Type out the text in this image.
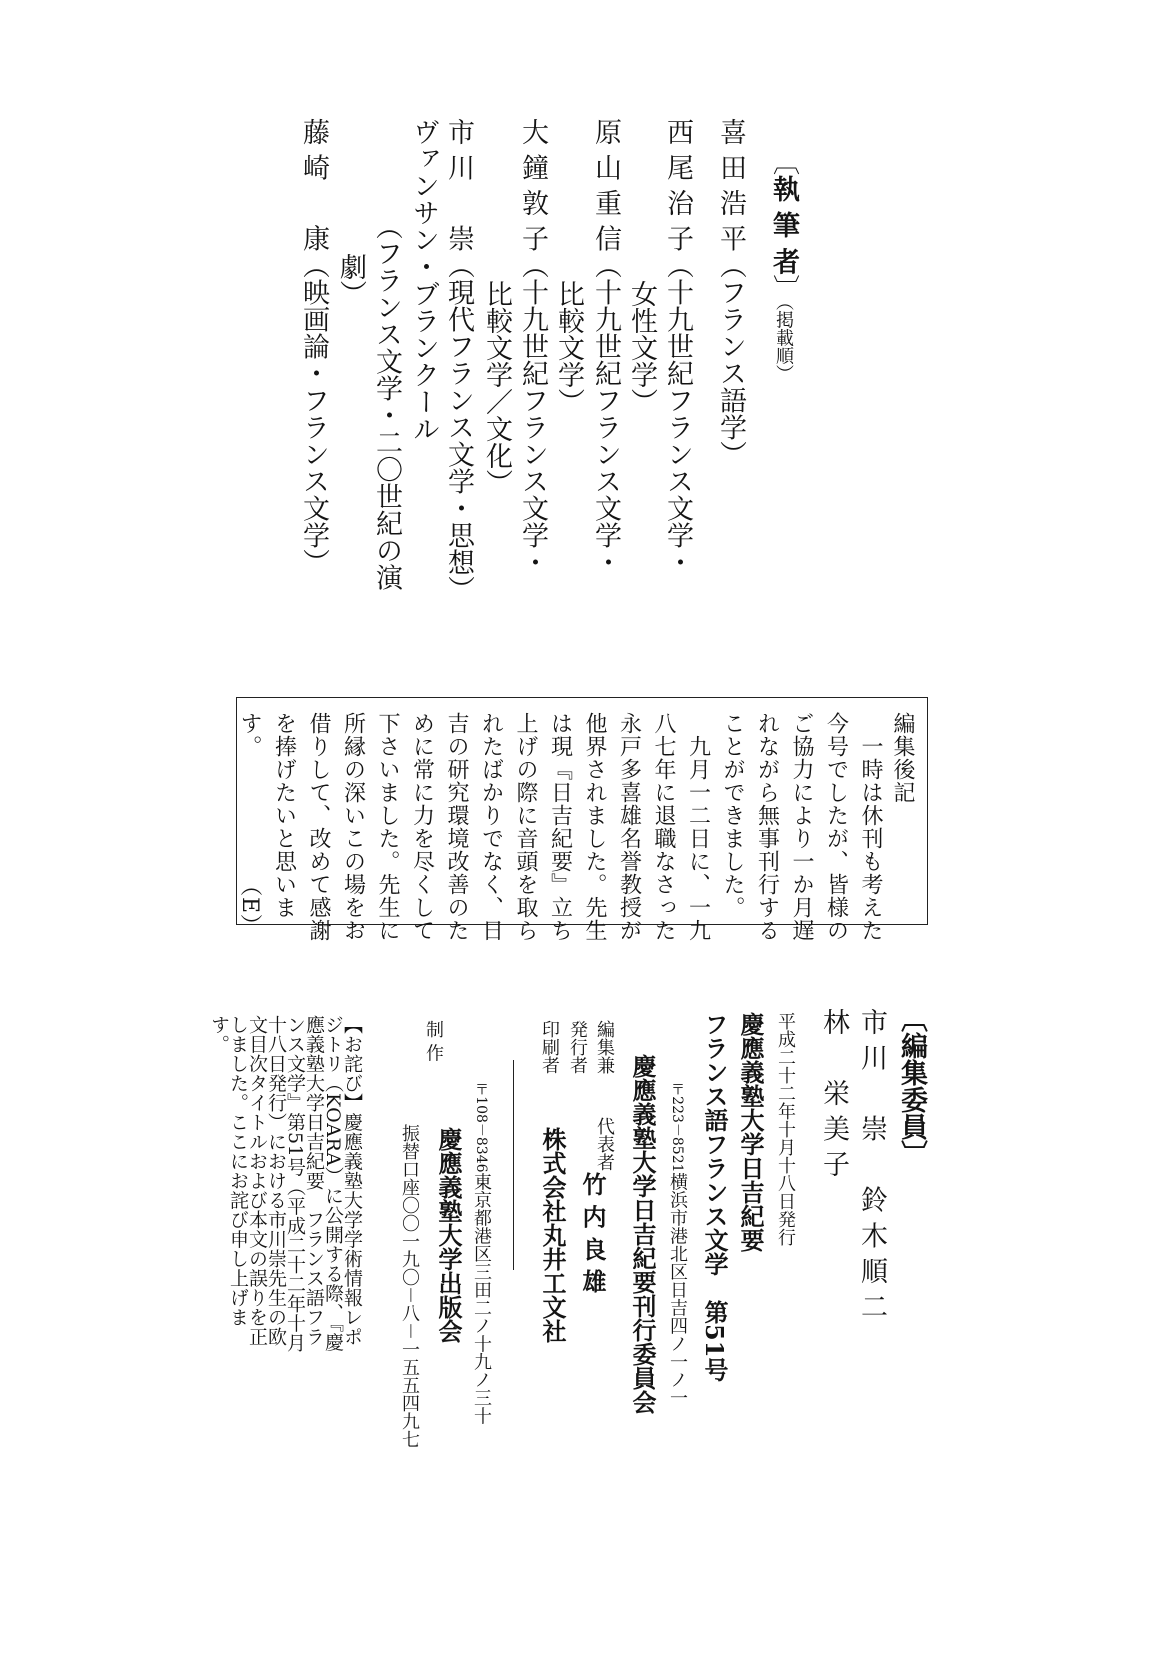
〔執 筆 者〕（掲載順）
喜 田 浩 平（フランス語学）
西 尾 治 子（十九世紀フランス文学・
　　　　　　女性文学）
原 山 重 信（十九世紀フランス文学・
　　　　　　比較文学）
大 鐘 敦 子（十九世紀フランス文学・
　　　　　　比較文学／文化）
市 川 　 崇（現代フランス文学・思想）
ヴァンサン・ブランクール
　　　　（フランス文学・二〇世紀の演
　　　　　劇）
藤 崎 　 康（映画論・フランス文学）
編集後記
　一時は休刊も考えた
今号でしたが、皆様の
ご協力により一か月遅
れながら無事刊行する
ことができました。
　九月一二日に、一九
八七年に退職なさった
永戸多喜雄名誉教授が
他界されました。先生
は現『日吉紀要』立ち
上げの際に音頭を取ら
れたばかりでなく、日
吉の研究環境改善のた
めに常に力を尽くして
下さいました。先生に
所縁の深いこの場をお
借りして、改めて感謝
を捧げたいと思いま
す。　　　　　　（E）
〔編集委員〕
市 川 　 崇 　 鈴 木 順 二
林 　 栄 美 子
平成二十二年十月十八日発行
慶應義塾大学日吉紀要
フランス語フランス文学　第51号

〒223－8521横浜市港北区日吉四ノ一ノ一

慶應義塾大学日吉紀要刊行委員会
編集兼
発行者
代表者
竹 内 良 雄
印刷者
株式会社丸井工文社
制 作

〒108－8346東京都港区三田二ノ十九ノ三十

慶應義塾大学出版会
振替口座〇〇一九〇－八－一五五四九七
【お詫び】慶應義塾大学学術情報レポジトリ（KOARA）に公開する際、『慶應義塾大学日吉紀要　フランス語フランス文学』第51号（平成二十二年十月十八日発行）における市川崇先生の欧文目次タイトルおよび本文の誤りを正しました。ここにお詫び申し上げます。
